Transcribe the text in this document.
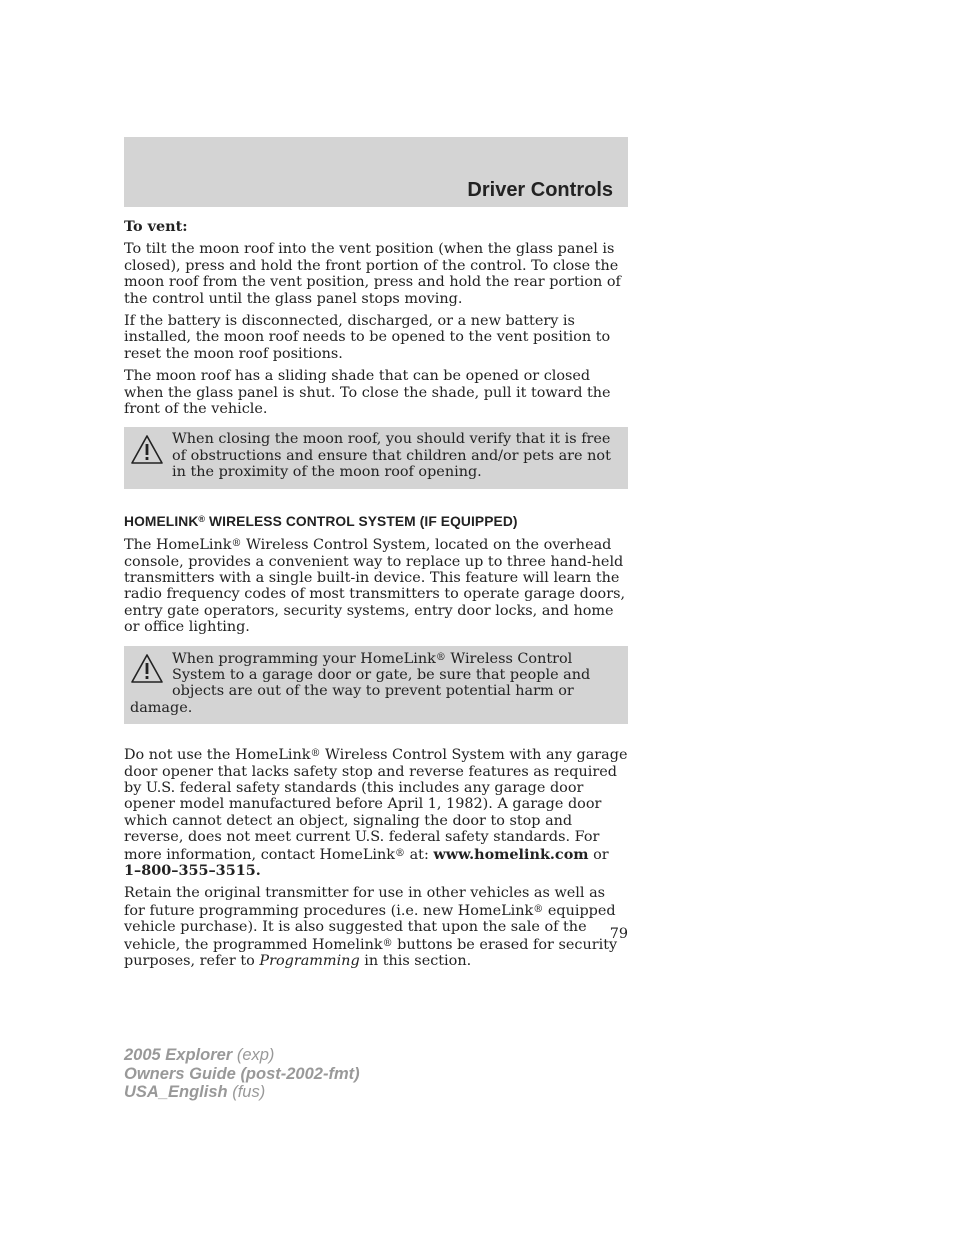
Driver Controls

To vent:

To tilt the moon roof into the vent position (when the glass panel is closed), press and hold the front portion of the control. To close the moon roof from the vent position, press and hold the rear portion of the control until the glass panel stops moving.

If the battery is disconnected, discharged, or a new battery is installed, the moon roof needs to be opened to the vent position to reset the moon roof positions.

The moon roof has a sliding shade that can be opened or closed when the glass panel is shut. To close the shade, pull it toward the front of the vehicle.

When closing the moon roof, you should verify that it is free of obstructions and ensure that children and/or pets are not in the proximity of the moon roof opening.
HOMELINK® WIRELESS CONTROL SYSTEM (IF EQUIPPED)

The HomeLink® Wireless Control System, located on the overhead console, provides a convenient way to replace up to three hand-held transmitters with a single built-in device. This feature will learn the radio frequency codes of most transmitters to operate garage doors, entry gate operators, security systems, entry door locks, and home or office lighting.

When programming your HomeLink® Wireless Control System to a garage door or gate, be sure that people and objects are out of the way to prevent potential harm or damage.

Do not use the HomeLink® Wireless Control System with any garage door opener that lacks safety stop and reverse features as required by U.S. federal safety standards (this includes any garage door opener model manufactured before April 1, 1982). A garage door which cannot detect an object, signaling the door to stop and reverse, does not meet current U.S. federal safety standards. For more information, contact HomeLink® at: www.homelink.com or 1–800–355–3515.

Retain the original transmitter for use in other vehicles as well as for future programming procedures (i.e. new HomeLink® equipped vehicle purchase). It is also suggested that upon the sale of the vehicle, the programmed Homelink® buttons be erased for security purposes, refer to Programming in this section.

79
2005 Explorer (exp)
Owners Guide (post-2002-fmt)
USA_English (fus)
